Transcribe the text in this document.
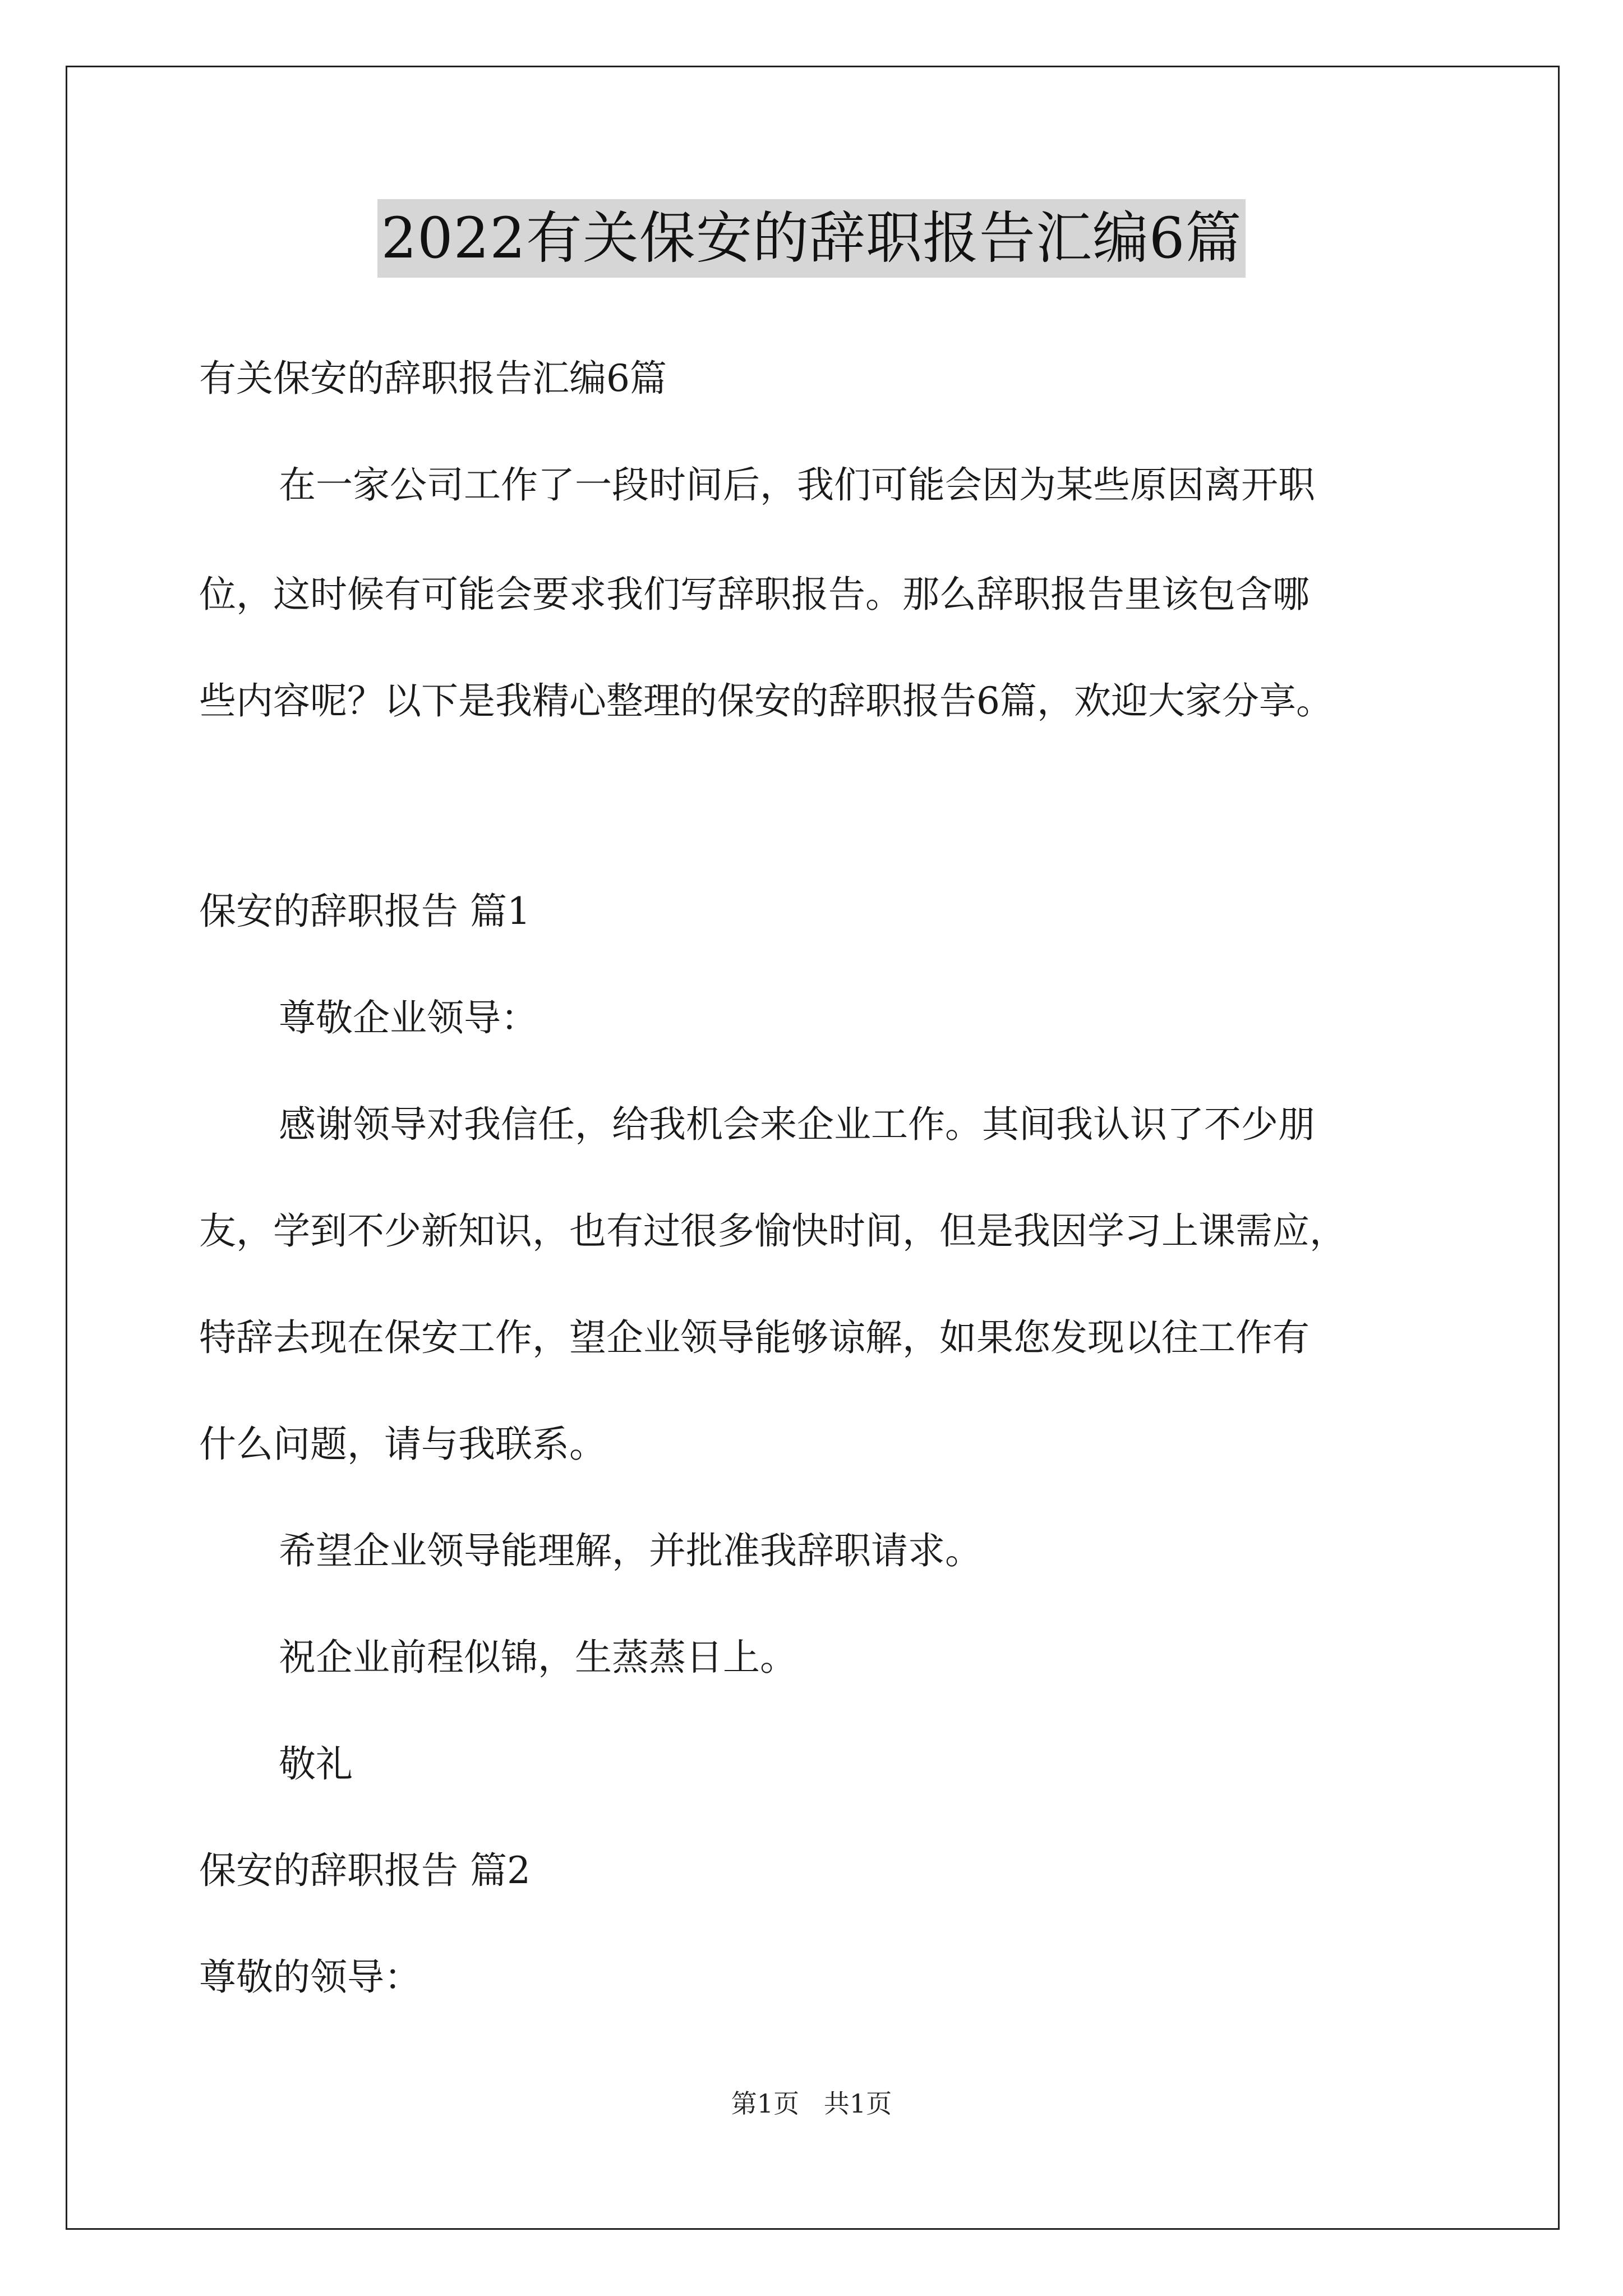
2022有关保安的辞职报告汇编6篇
有关保安的辞职报告汇编6篇
在一家公司工作了一段时间后，我们可能会因为某些原因离开职
位，这时候有可能会要求我们写辞职报告。那么辞职报告里该包含哪
些内容呢？以下是我精心整理的保安的辞职报告6篇，欢迎大家分享。
保安的辞职报告 篇1
尊敬企业领导：
感谢领导对我信任，给我机会来企业工作。其间我认识了不少朋
友，学到不少新知识，也有过很多愉快时间，但是我因学习上课需应，
特辞去现在保安工作，望企业领导能够谅解，如果您发现以往工作有
什么问题，请与我联系。
希望企业领导能理解，并批准我辞职请求。
祝企业前程似锦，生蒸蒸日上。
敬礼
保安的辞职报告 篇2
尊敬的领导：
第1页   共1页
